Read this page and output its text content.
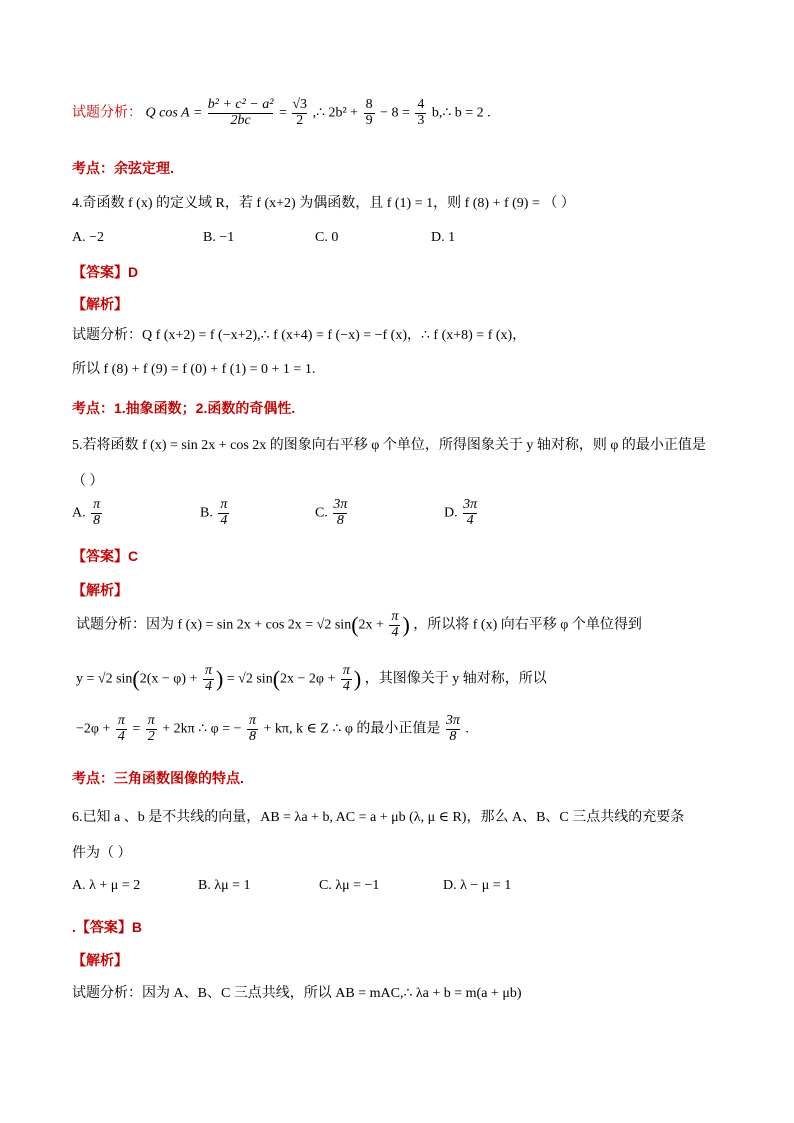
试题分析： Q $\cos A = \frac{\text{b² + c² − a²}}{2bc} = \frac{√3}{2}$ ,∴ $2b^2 + \frac{8}{9} - 8 = \frac{4}{3}$ b,∴ b = 2 .
考点：余弦定理.
4.奇函数 f (x) 的定义域 R，若 f (x+2) 为偶函数，且 f (1) = 1，则 f (8) + f (9) = （ ）
A. −2	B. −1	C. 0	D. 1
【答案】D
【解析】
试题分析：Q f (x+2) = f (−x+2),∴ f (x+4) = f (−x) = −f (x)，∴ f (x+8) = f (x)，
所以 f (8) + f (9) = f (0) + f (1) = 0 + 1 = 1.
考点：1.抽象函数；2.函数的奇偶性.
5.若将函数 f (x) = sin 2x + cos 2x 的图象向右平移 φ 个单位，所得图象关于 y 轴对称，则 φ 的最小正值是
（ ）
A. $\frac{\pi}{8}$	B. $\frac{\pi}{4}$	C. $\frac{3\pi}{8}$	D. $\frac{3\pi}{4}$
【答案】C
【解析】
试题分析：因为 f (x) = sin 2x + cos 2x = √2 $\sin(2x + \frac{\pi}{4}$ ) ，所以将 f (x) 向右平移 φ 个单位得到
y = √2 $\sin(2(x - \varphi) + \frac{\pi}{4}$ ) = √2 $\sin(2x - 2\varphi + \frac{\pi}{4}$ ) ，其图像关于 y 轴对称，所以
$-2\varphi + \frac{\pi}{4} = \frac{\pi}{2} + 2k\pi$ ∴ φ = − $\frac{\pi}{8} + k\pi$, k ∈ Z ∴ φ 的最小正值是 $\frac{3\pi}{8}$ .
考点：三角函数图像的特点.
6.已知 a 、b 是不共线的向量，AB = λa + b, AC = a + μb (λ, μ ∈ R)，那么 A、B、C 三点共线的充要条
件为（ ）
A. λ + μ = 2	B. λμ = 1	C. λμ = −1	D. λ − μ = 1
.【答案】B
【解析】
试题分析：因为 A、B、C 三点共线，所以 AB = mAC,∴ λa + b = m(a + μb)
